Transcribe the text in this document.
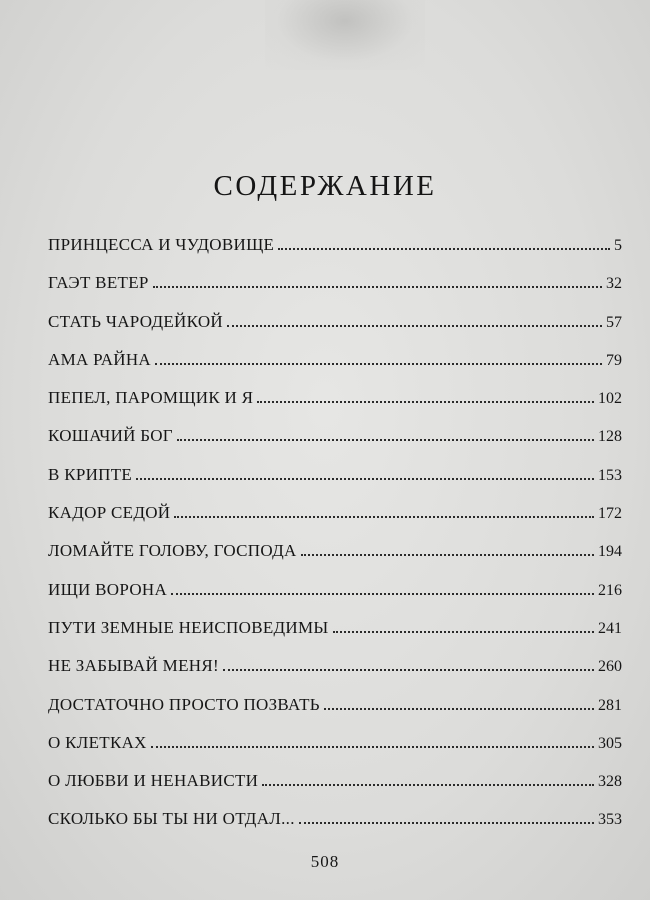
СОДЕРЖАНИЕ
ПРИНЦЕССА И ЧУДОВИЩЕ	5
ГАЭТ ВЕТЕР	32
СТАТЬ ЧАРОДЕЙКОЙ	57
АМА РАЙНА	79
ПЕПЕЛ, ПАРОМЩИК И Я	102
КОШАЧИЙ БОГ	128
В КРИПТЕ	153
КАДОР СЕДОЙ	172
ЛОМАЙТЕ ГОЛОВУ, ГОСПОДА	194
ИЩИ ВОРОНА	216
ПУТИ ЗЕМНЫЕ НЕИСПОВЕДИМЫ	241
НЕ ЗАБЫВАЙ МЕНЯ!	260
ДОСТАТОЧНО ПРОСТО ПОЗВАТЬ	281
О КЛЕТКАХ	305
О ЛЮБВИ И НЕНАВИСТИ	328
СКОЛЬКО БЫ ТЫ НИ ОТДАЛ...	353
508
